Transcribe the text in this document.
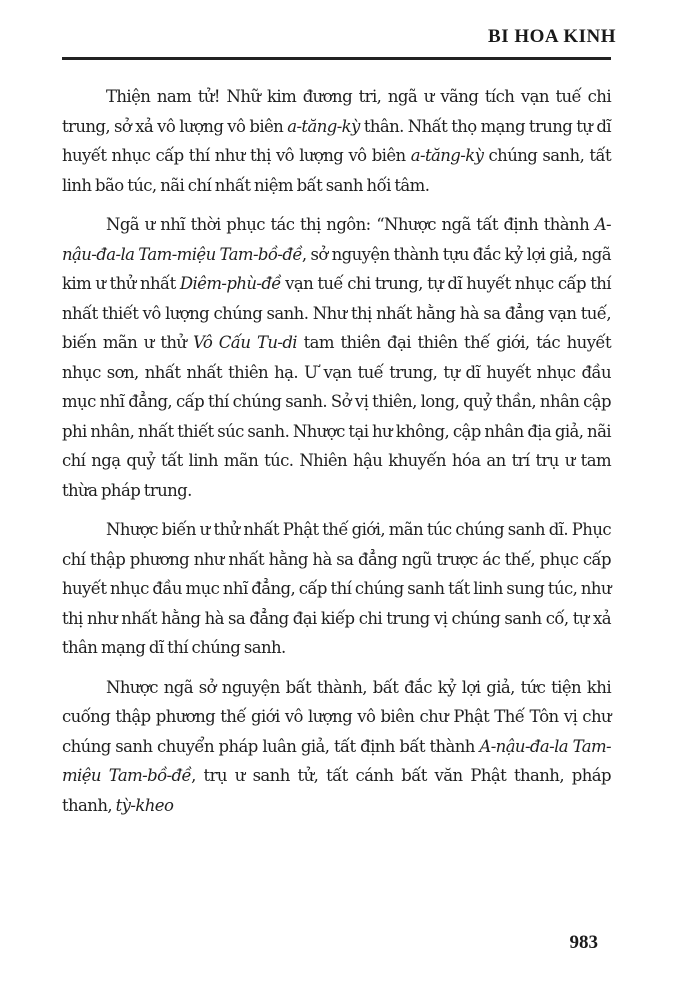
BI HOA KINH

Thiện nam tử! Nhữ kim đương tri, ngã ư vãng tích vạn tuế chi trung, sở xả vô lượng vô biên a-tăng-kỳ thân. Nhất thọ mạng trung tự dĩ huyết nhục cấp thí như thị vô lượng vô biên a-tăng-kỳ chúng sanh, tất linh bão túc, nãi chí nhất niệm bất sanh hối tâm.

Ngã ư nhĩ thời phục tác thị ngôn: “Nhược ngã tất định thành A-nậu-đa-la Tam-miệu Tam-bồ-đề, sở nguyện thành tựu đắc kỷ lợi giả, ngã kim ư thử nhất Diêm-phù-đề vạn tuế chi trung, tự dĩ huyết nhục cấp thí nhất thiết vô lượng chúng sanh. Như thị nhất hằng hà sa đẳng vạn tuế, biến mãn ư thử Vô Cấu Tu-di tam thiên đại thiên thế giới, tác huyết nhục sơn, nhất nhất thiên hạ. Ư vạn tuế trung, tự dĩ huyết nhục đầu mục nhĩ đẳng, cấp thí chúng sanh. Sở vị thiên, long, quỷ thần, nhân cập phi nhân, nhất thiết súc sanh. Nhược tại hư không, cập nhân địa giả, nãi chí ngạ quỷ tất linh mãn túc. Nhiên hậu khuyến hóa an trí trụ ư tam thừa pháp trung.

Nhược biến ư thử nhất Phật thế giới, mãn túc chúng sanh dĩ. Phục chí thập phương như nhất hằng hà sa đẳng ngũ trược ác thế, phục cấp huyết nhục đầu mục nhĩ đẳng, cấp thí chúng sanh tất linh sung túc, như thị như nhất hằng hà sa đẳng đại kiếp chi trung vị chúng sanh cố, tự xả thân mạng dĩ thí chúng sanh.

Nhược ngã sở nguyện bất thành, bất đắc kỷ lợi giả, tức tiện khi cuống thập phương thế giới vô lượng vô biên chư Phật Thế Tôn vị chư chúng sanh chuyển pháp luân giả, tất định bất thành A-nậu-đa-la Tam-miệu Tam-bồ-đề, trụ ư sanh tử, tất cánh bất văn Phật thanh, pháp thanh, tỳ-kheo

983
